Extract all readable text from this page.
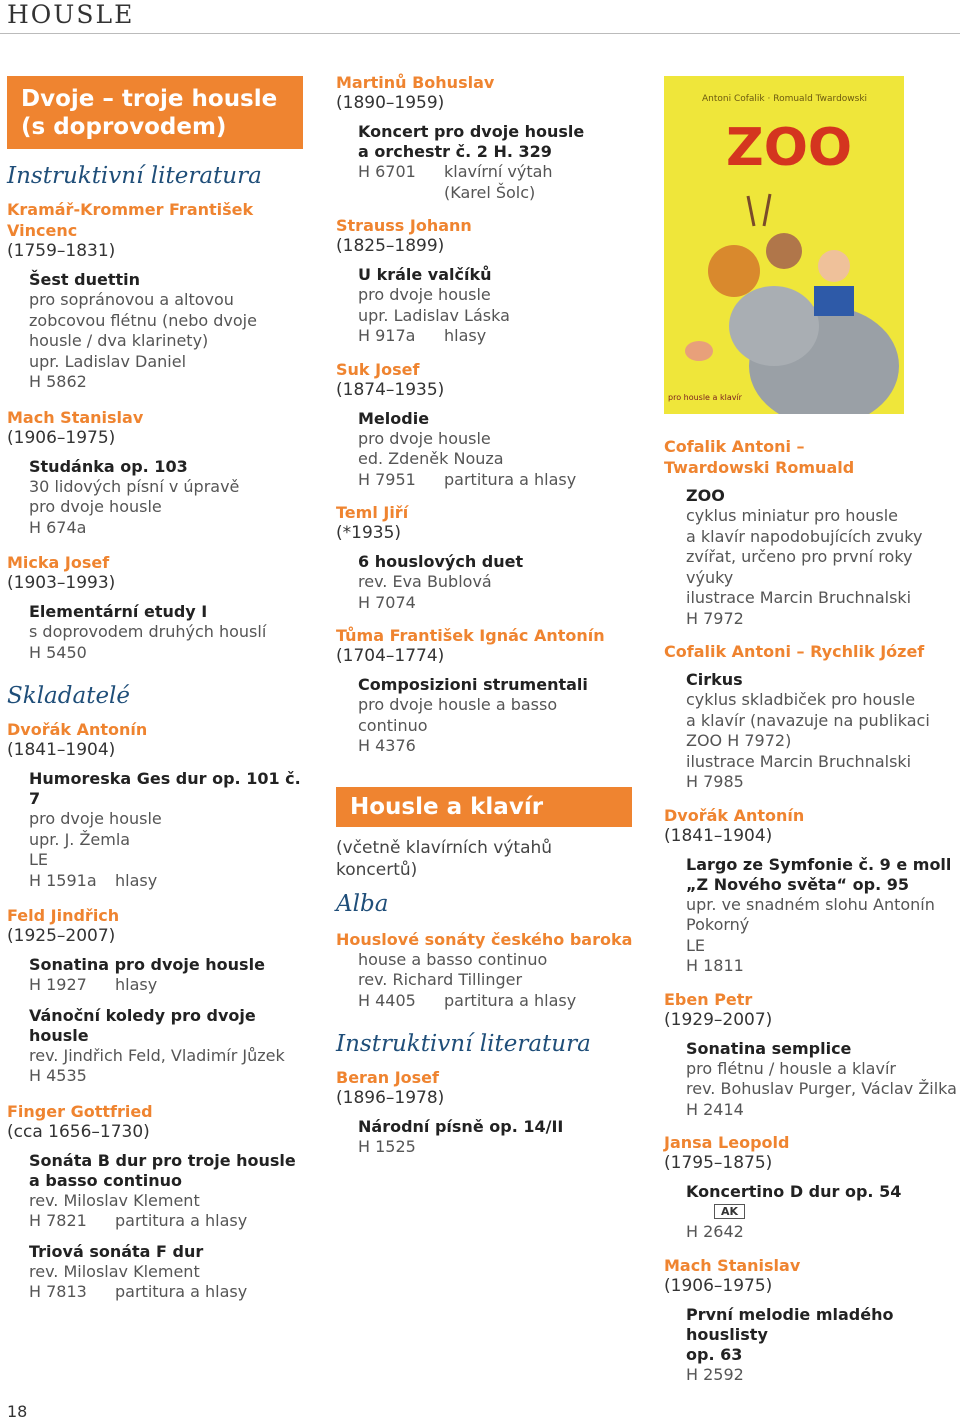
HOUSLE
Dvoje – troje housle
(s doprovodem)
Instruktivní literatura
Kramář-Krommer František Vincenc
(1759–1831)
Šest duettin
pro sopránovou a altovou
zobcovou flétnu (nebo dvoje
housle / dva klarinety)
upr. Ladislav Daniel
H 5862
Mach Stanislav
(1906–1975)
Studánka op. 103
30 lidových písní v úpravě
pro dvoje housle
H 674a
Micka Josef
(1903–1993)
Elementární etudy I
s doprovodem druhých houslí
H 5450
Skladatelé
Dvořák Antonín
(1841–1904)
Humoreska Ges dur op. 101 č. 7
pro dvoje housle
upr. J. Žemla
LE
H 1591a hlasy
Feld Jindřich
(1925–2007)
Sonatina pro dvoje housle
H 1927 hlasy
Vánoční koledy pro dvoje housle
rev. Jindřich Feld, Vladimír Jůzek
H 4535
Finger Gottfried
(cca 1656–1730)
Sonáta B dur pro troje housle
a basso continuo
rev. Miloslav Klement
H 7821 partitura a hlasy
Triová sonáta F dur
rev. Miloslav Klement
H 7813 partitura a hlasy
Martinů Bohuslav
(1890–1959)
Koncert pro dvoje housle
a orchestr č. 2 H. 329
H 6701 klavírní výtah
(Karel Šolc)
Strauss Johann
(1825–1899)
U krále valčíků
pro dvoje housle
upr. Ladislav Láska
H 917a hlasy
Suk Josef
(1874–1935)
Melodie
pro dvoje housle
ed. Zdeněk Nouza
H 7951 partitura a hlasy
Teml Jiří
(*1935)
6 houslových duet
rev. Eva Bublová
H 7074
Tůma František Ignác Antonín
(1704–1774)
Composizioni strumentali
pro dvoje housle a basso
continuo
H 4376
Housle a klavír
(včetně klavírních výtahů koncertů)
Alba
Houslové sonáty českého baroka
house a basso continuo
rev. Richard Tillinger
H 4405 partitura a hlasy
Instruktivní literatura
Beran Josef
(1896–1978)
Národní písně op. 14/II
H 1525
Antoni Cofalik · Romuald Twardowski
ZOO
pro housle a klavír
Cofalik Antoni – Twardowski Romuald
ZOO
cyklus miniatur pro housle
a klavír napodobujících zvuky
zvířat, určeno pro první roky
výuky
ilustrace Marcin Bruchnalski
H 7972
Cofalik Antoni – Rychlik Józef
Cirkus
cyklus skladbiček pro housle
a klavír (navazuje na publikaci
ZOO H 7972)
ilustrace Marcin Bruchnalski
H 7985
Dvořák Antonín
(1841–1904)
Largo ze Symfonie č. 9 e moll
„Z Nového světa“ op. 95
upr. ve snadném slohu Antonín
Pokorný
LE
H 1811
Eben Petr
(1929–2007)
Sonatina semplice
pro flétnu / housle a klavír
rev. Bohuslav Purger, Václav Žilka
H 2414
Jansa Leopold
(1795–1875)
Koncertino D dur op. 54AK
H 2642
Mach Stanislav
(1906–1975)
První melodie mladého houslisty
op. 63
H 2592
18
